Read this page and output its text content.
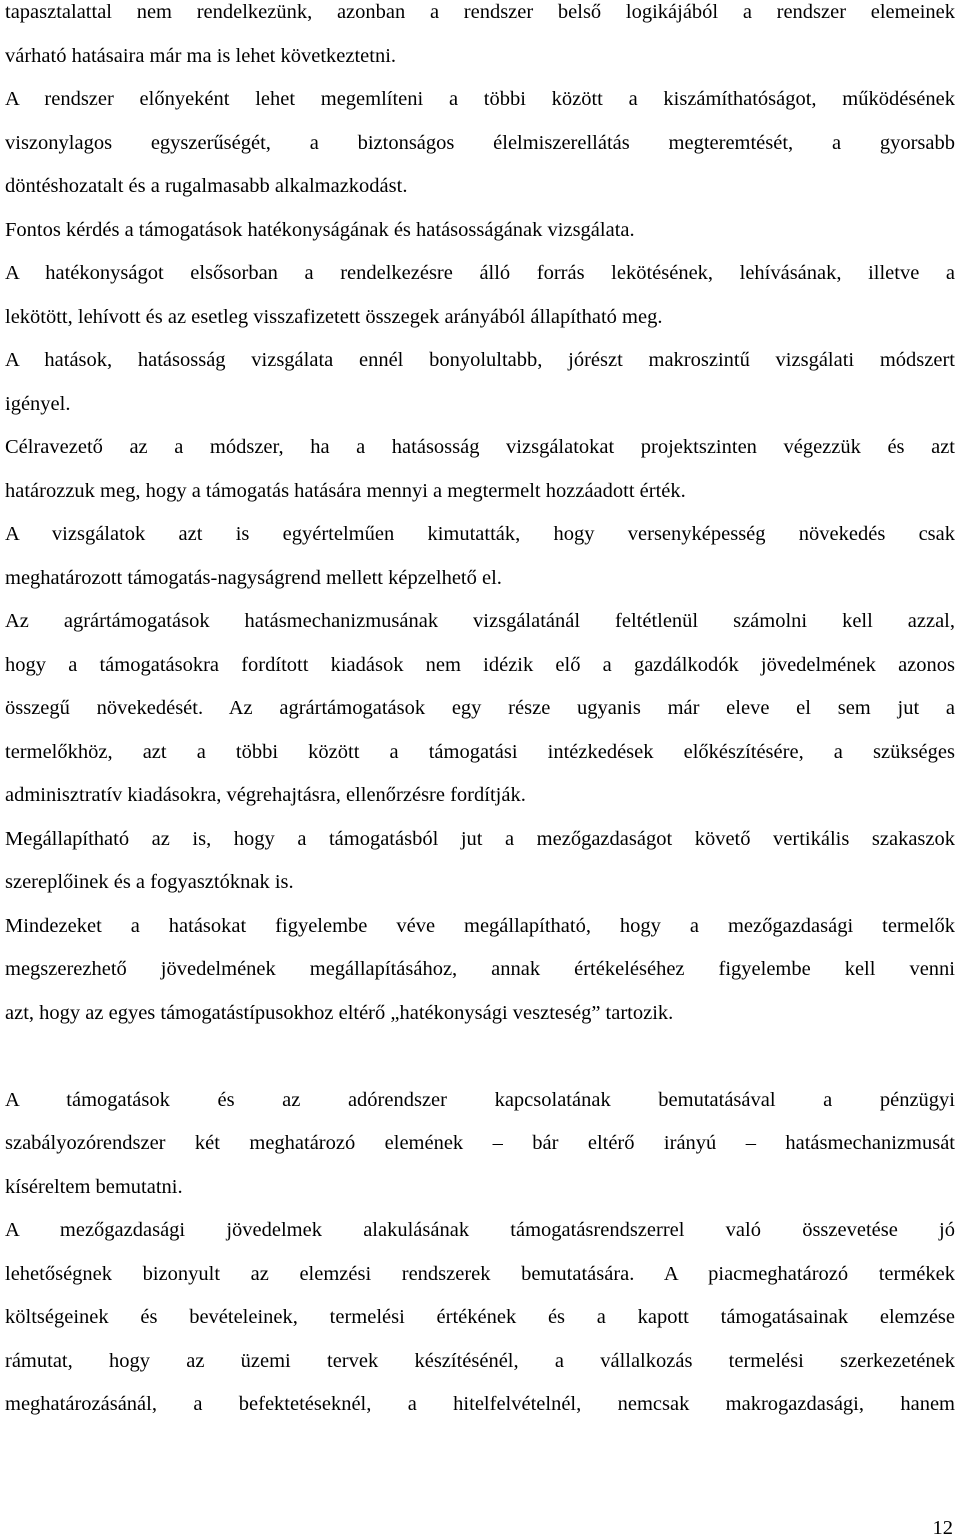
tapasztalattal nem rendelkezünk, azonban a rendszer belső logikájából a rendszer elemeinek
várható hatásaira már ma is lehet következtetni.
A rendszer előnyeként lehet megemlíteni a többi között a kiszámíthatóságot, működésének
viszonylagos egyszerűségét, a biztonságos élelmiszerellátás megteremtését, a gyorsabb
döntéshozatalt és a rugalmasabb alkalmazkodást.
Fontos kérdés a támogatások hatékonyságának és hatásosságának vizsgálata.
A hatékonyságot elsősorban a rendelkezésre álló forrás lekötésének, lehívásának, illetve a
lekötött, lehívott és az esetleg visszafizetett összegek arányából állapítható meg.
A hatások, hatásosság vizsgálata ennél bonyolultabb, jórészt makroszintű vizsgálati módszert
igényel.
Célravezető az a módszer, ha a hatásosság vizsgálatokat projektszinten végezzük és azt
határozzuk meg, hogy a támogatás hatására mennyi a megtermelt hozzáadott érték.
A vizsgálatok azt is egyértelműen kimutatták, hogy versenyképesség növekedés csak
meghatározott támogatás-nagyságrend mellett képzelhető el.
Az agrártámogatások hatásmechanizmusának vizsgálatánál feltétlenül számolni kell azzal,
hogy a támogatásokra fordított kiadások nem idézik elő a gazdálkodók jövedelmének azonos
összegű növekedését. Az agrártámogatások egy része ugyanis már eleve el sem jut a
termelőkhöz, azt a többi között a támogatási intézkedések előkészítésére, a szükséges
adminisztratív kiadásokra, végrehajtásra, ellenőrzésre fordítják.
Megállapítható az is, hogy a támogatásból jut a mezőgazdaságot követő vertikális szakaszok
szereplőinek és a fogyasztóknak is.
Mindezeket a hatásokat figyelembe véve megállapítható, hogy a mezőgazdasági termelők
megszerezhető jövedelmének megállapításához, annak értékeléséhez figyelembe kell venni
azt, hogy az egyes támogatástípusokhoz eltérő „hatékonysági veszteség” tartozik.
A támogatások és az adórendszer kapcsolatának bemutatásával a pénzügyi
szabályozórendszer két meghatározó elemének – bár eltérő irányú – hatásmechanizmusát
kíséreltem bemutatni.
A mezőgazdasági jövedelmek alakulásának támogatásrendszerrel való összevetése jó
lehetőségnek bizonyult az elemzési rendszerek bemutatására. A piacmeghatározó termékek
költségeinek és bevételeinek, termelési értékének és a kapott támogatásainak elemzése
rámutat, hogy az üzemi tervek készítésénél, a vállalkozás termelési szerkezetének
meghatározásánál, a befektetéseknél, a hitelfelvételnél, nemcsak makrogazdasági, hanem
12
